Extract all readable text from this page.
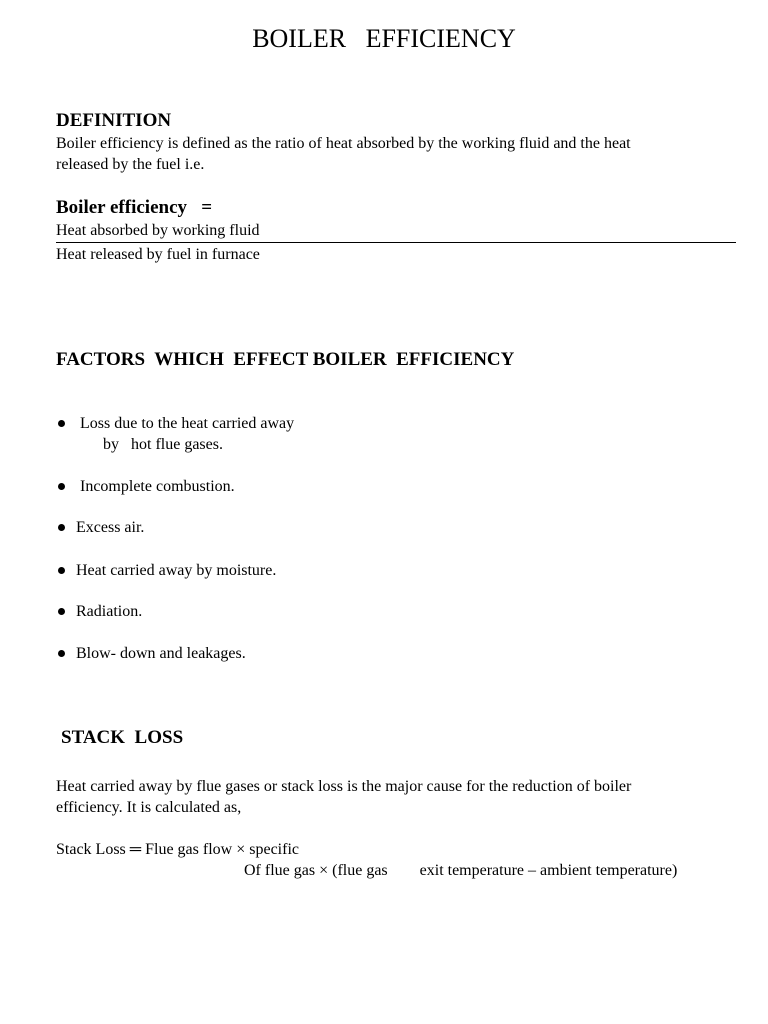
BOILER   EFFICIENCY
DEFINITION
Boiler efficiency is defined as the ratio of heat absorbed by the working fluid and the heat
released by the fuel i.e.
Boiler efficiency   =
Heat absorbed by working fluid
Heat released by fuel in furnace
FACTORS  WHICH  EFFECT BOILER  EFFICIENCY
Loss due to the heat carried away
by   hot flue gases.
Incomplete combustion.
Excess air.
Heat carried away by moisture.
Radiation.
Blow- down and leakages.
STACK  LOSS
Heat carried away by flue gases or stack loss is the major cause for the reduction of boiler
efficiency. It is calculated as,
Stack Loss ═ Flue gas flow × specific
Of flue gas × (flue gas        exit temperature – ambient temperature)
